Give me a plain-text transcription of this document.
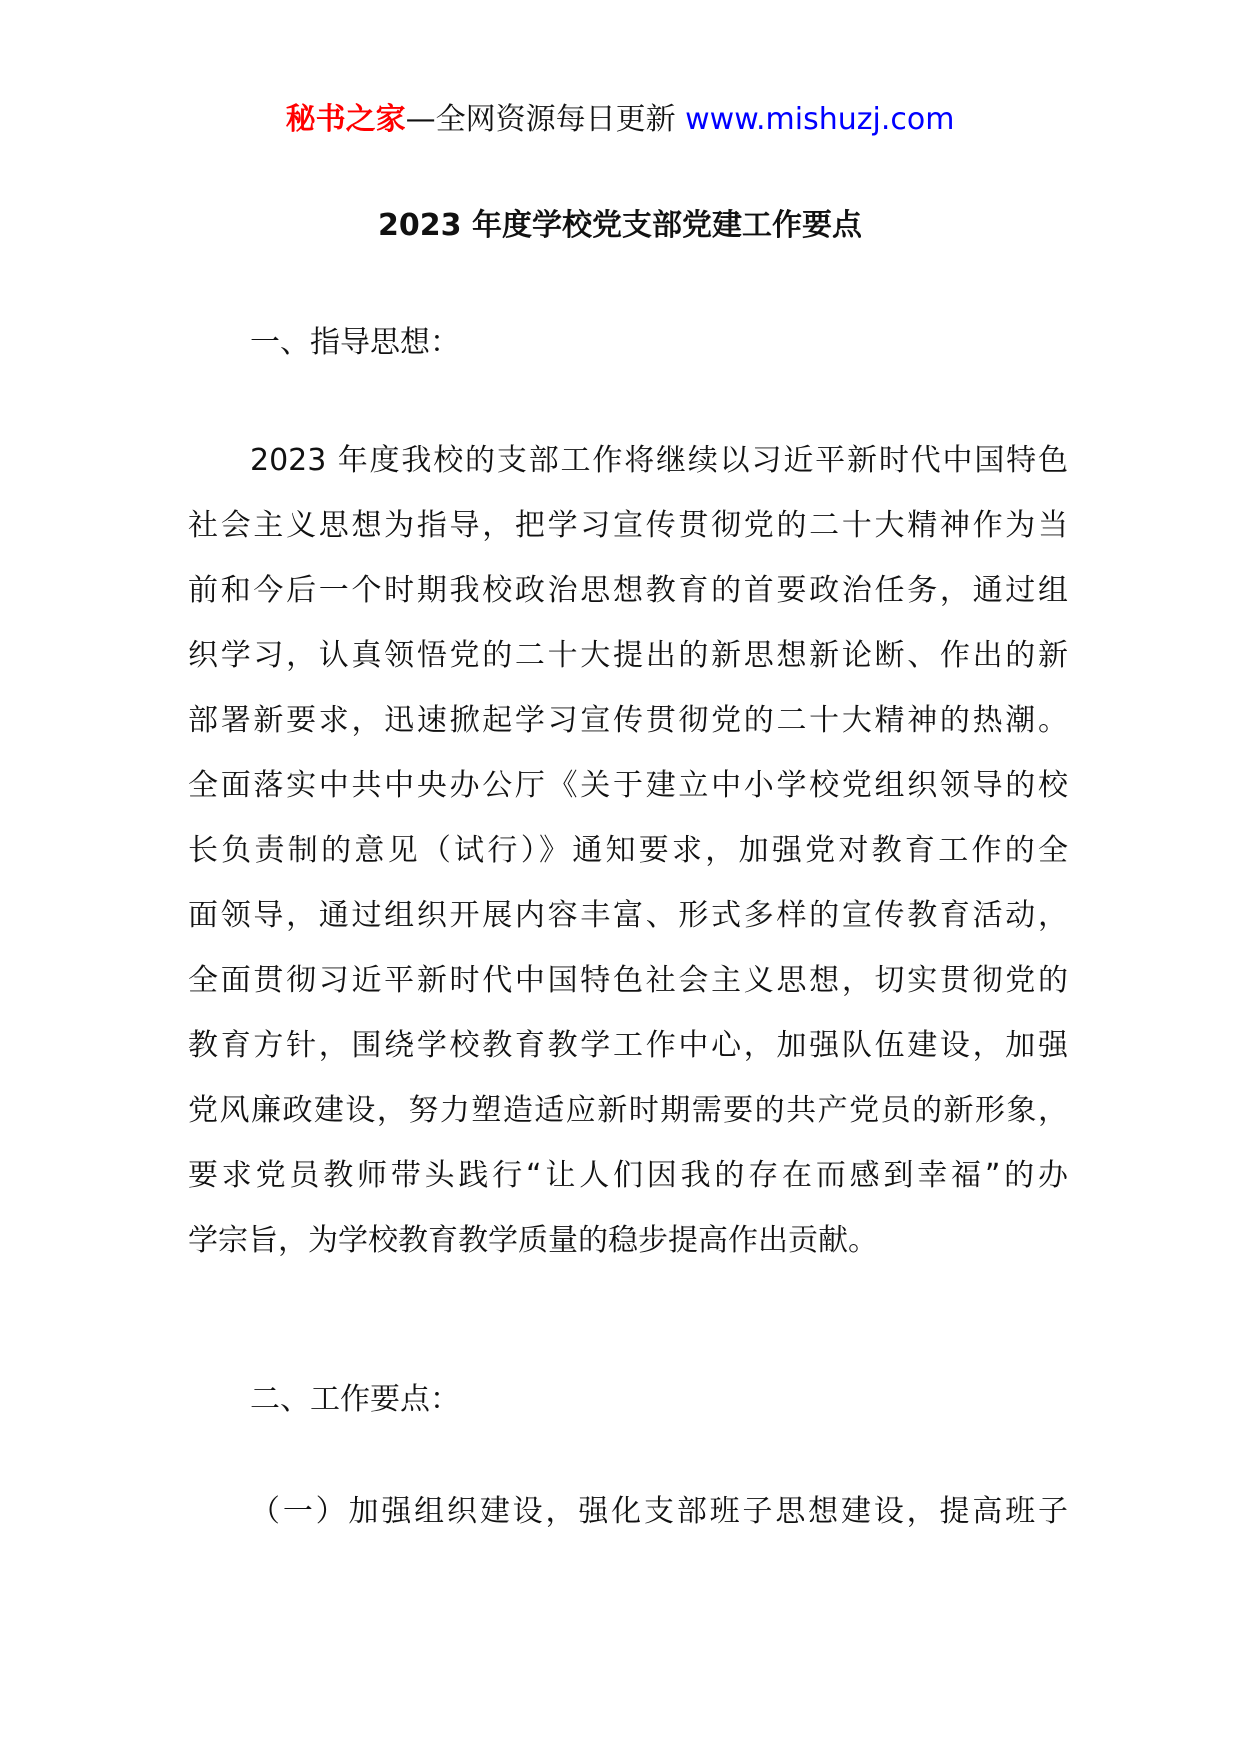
秘书之家—全网资源每日更新 www.mishuzj.com
2023 年度学校党支部党建工作要点
一、指导思想：
2023 年度我校的支部工作将继续以习近平新时代中国特色
社会主义思想为指导，把学习宣传贯彻党的二十大精神作为当
前和今后一个时期我校政治思想教育的首要政治任务，通过组
织学习，认真领悟党的二十大提出的新思想新论断、作出的新
部署新要求，迅速掀起学习宣传贯彻党的二十大精神的热潮。
全面落实中共中央办公厅《关于建立中小学校党组织领导的校
长负责制的意见（试行）》通知要求，加强党对教育工作的全
面领导，通过组织开展内容丰富、形式多样的宣传教育活动，
全面贯彻习近平新时代中国特色社会主义思想，切实贯彻党的
教育方针，围绕学校教育教学工作中心，加强队伍建设，加强
党风廉政建设，努力塑造适应新时期需要的共产党员的新形象，
要求党员教师带头践行“让人们因我的存在而感到幸福”的办
学宗旨，为学校教育教学质量的稳步提高作出贡献。
二、工作要点：
（一）加强组织建设，强化支部班子思想建设，提高班子
